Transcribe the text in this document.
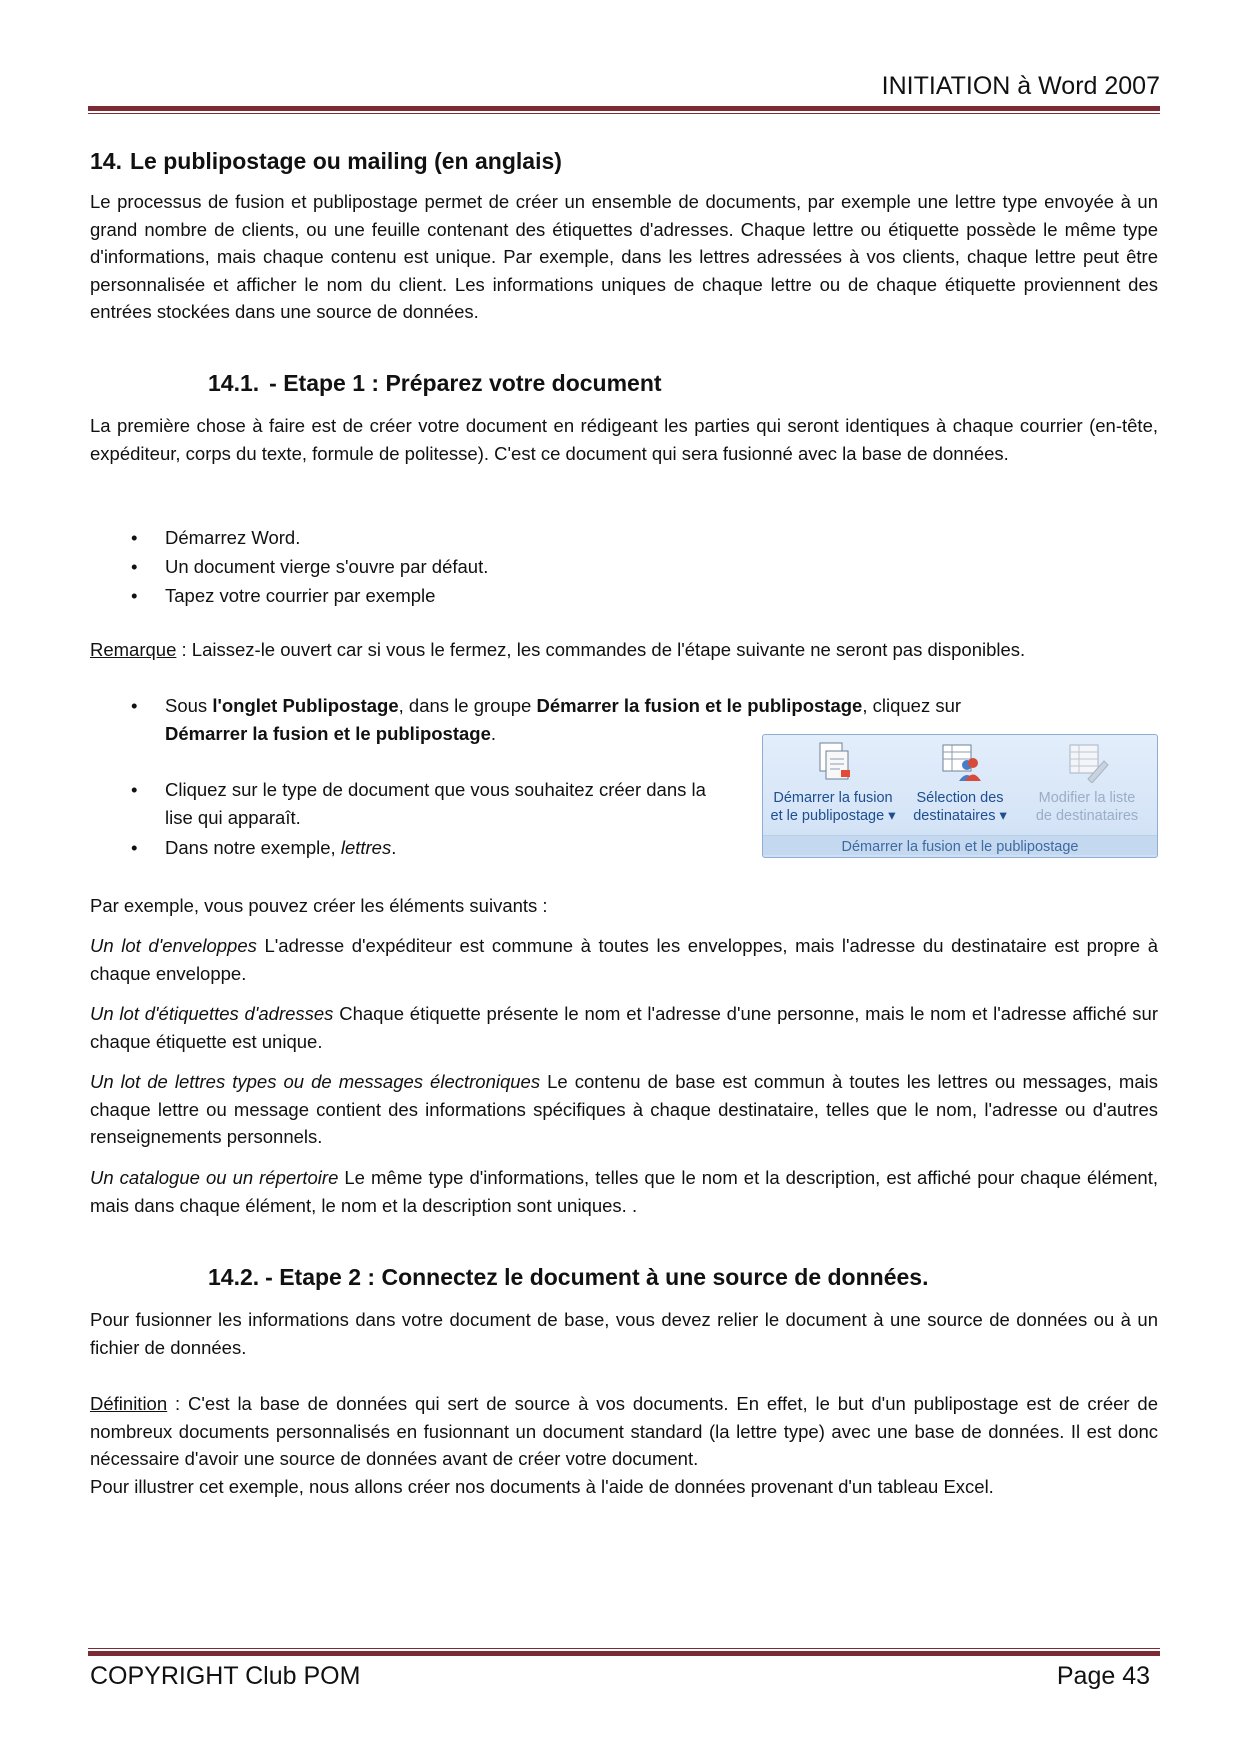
INITIATION à Word 2007
14. Le publipostage ou mailing (en anglais)
Le processus de fusion et publipostage permet de créer un ensemble de documents, par exemple une lettre type envoyée à un grand nombre de clients, ou une feuille contenant des étiquettes d'adresses. Chaque lettre ou étiquette possède le même type d'informations, mais chaque contenu est unique. Par exemple, dans les lettres adressées à vos clients, chaque lettre peut être personnalisée et afficher le nom du client. Les informations uniques de chaque lettre ou de chaque étiquette proviennent des entrées stockées dans une source de données.
14.1. - Etape 1 : Préparez votre document
La première chose à faire est de créer votre document en rédigeant les parties qui seront identiques à chaque courrier (en-tête, expéditeur, corps du texte, formule de politesse). C'est ce document qui sera fusionné avec la base de données.
• Démarrez Word.
• Un document vierge s'ouvre par défaut.
• Tapez votre courrier par exemple
Remarque : Laissez-le ouvert car si vous le fermez, les commandes de l'étape suivante ne seront pas disponibles.
• Sous l'onglet Publipostage, dans le groupe Démarrer la fusion et le publipostage, cliquez sur
Démarrer la fusion et le publipostage.
• Cliquez sur le type de document que vous souhaitez créer dans la lise qui apparaît.
• Dans notre exemple, lettres.
Démarrer la fusion
et le publipostage ▾
Sélection des
destinataires ▾
Modifier la liste
de destinataires
Démarrer la fusion et le publipostage
Par exemple, vous pouvez créer les éléments suivants :
Un lot d'enveloppes L'adresse d'expéditeur est commune à toutes les enveloppes, mais l'adresse du destinataire est propre à chaque enveloppe.
Un lot d'étiquettes d'adresses Chaque étiquette présente le nom et l'adresse d'une personne, mais le nom et l'adresse affiché sur chaque étiquette est unique.
Un lot de lettres types ou de messages électroniques Le contenu de base est commun à toutes les lettres ou messages, mais chaque lettre ou message contient des informations spécifiques à chaque destinataire, telles que le nom, l'adresse ou d'autres renseignements personnels.
Un catalogue ou un répertoire Le même type d'informations, telles que le nom et la description, est affiché pour chaque élément, mais dans chaque élément, le nom et la description sont uniques. .
14.2. - Etape 2 : Connectez le document à une source de données.
Pour fusionner les informations dans votre document de base, vous devez relier le document à une source de données ou à un fichier de données.
Définition : C'est la base de données qui sert de source à vos documents. En effet, le but d'un publipostage est de créer de nombreux documents personnalisés en fusionnant un document standard (la lettre type) avec une base de données. Il est donc nécessaire d'avoir une source de données avant de créer votre document.
Pour illustrer cet exemple, nous allons créer nos documents à l'aide de données provenant d'un tableau Excel.
COPYRIGHT Club POM	Page 43
